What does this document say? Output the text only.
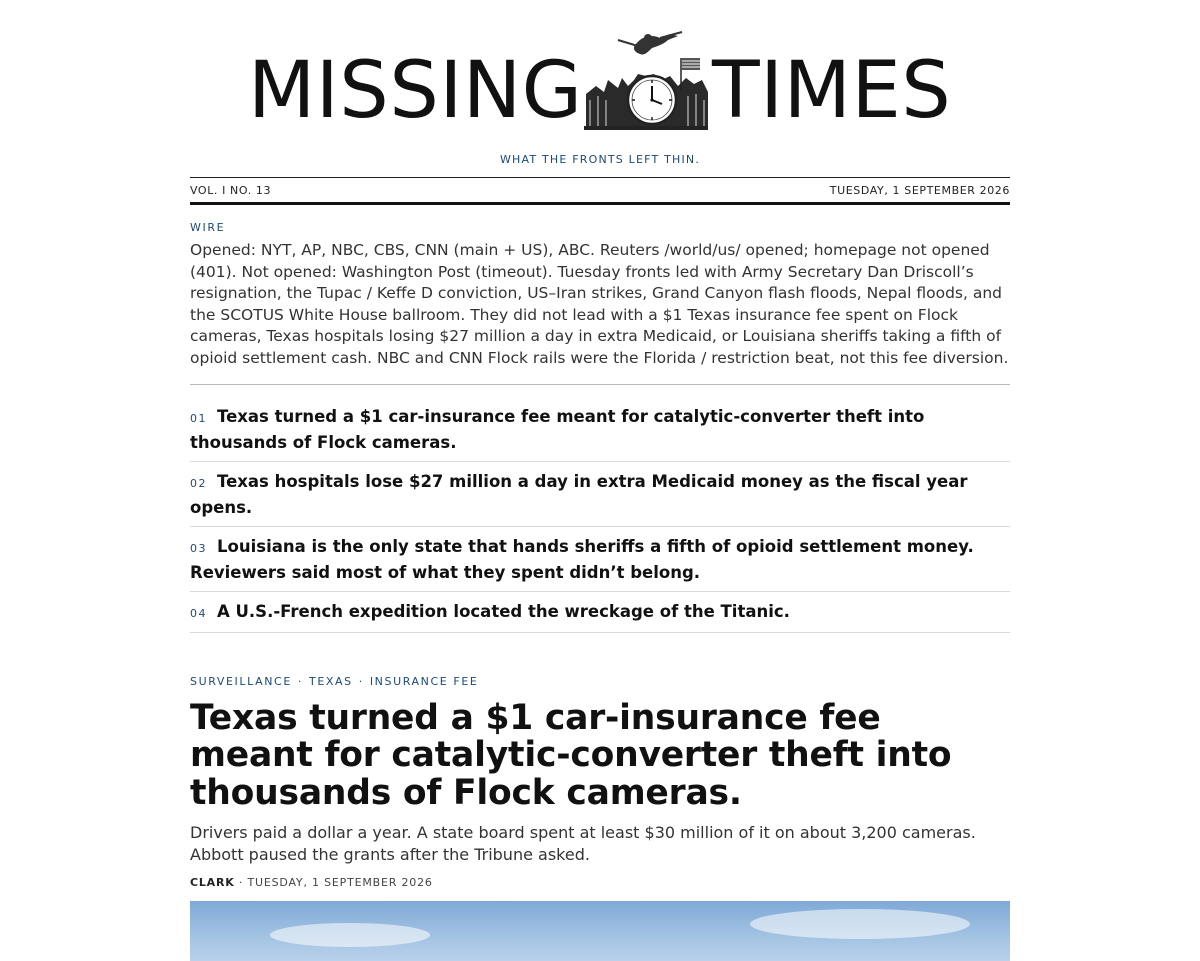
MISSING TIMES
WHAT THE FRONTS LEFT THIN.
VOL. I NO. 13	TUESDAY, 1 SEPTEMBER 2026
WIRE

Opened: NYT, AP, NBC, CBS, CNN (main + US), ABC. Reuters /world/us/ opened; homepage not opened (401). Not opened: Washington Post (timeout). Tuesday fronts led with Army Secretary Dan Driscoll’s resignation, the Tupac / Keffe D conviction, US–Iran strikes, Grand Canyon flash floods, Nepal floods, and the SCOTUS White House ballroom. They did not lead with a $1 Texas insurance fee spent on Flock cameras, Texas hospitals losing $27 million a day in extra Medicaid, or Louisiana sheriffs taking a fifth of opioid settlement cash. NBC and CNN Flock rails were the Florida / restriction beat, not this fee diversion.

01 Texas turned a $1 car-insurance fee meant for catalytic-converter theft into thousands of Flock cameras.
02 Texas hospitals lose $27 million a day in extra Medicaid money as the fiscal year opens.
03 Louisiana is the only state that hands sheriffs a fifth of opioid settlement money. Reviewers said most of what they spent didn’t belong.
04 A U.S.-French expedition located the wreckage of the Titanic.
SURVEILLANCE · TEXAS · INSURANCE FEE
Texas turned a $1 car-insurance fee meant for catalytic-converter theft into thousands of Flock cameras.

Drivers paid a dollar a year. A state board spent at least $30 million of it on about 3,200 cameras. Abbott paused the grants after the Tribune asked.

CLARK · TUESDAY, 1 SEPTEMBER 2026
